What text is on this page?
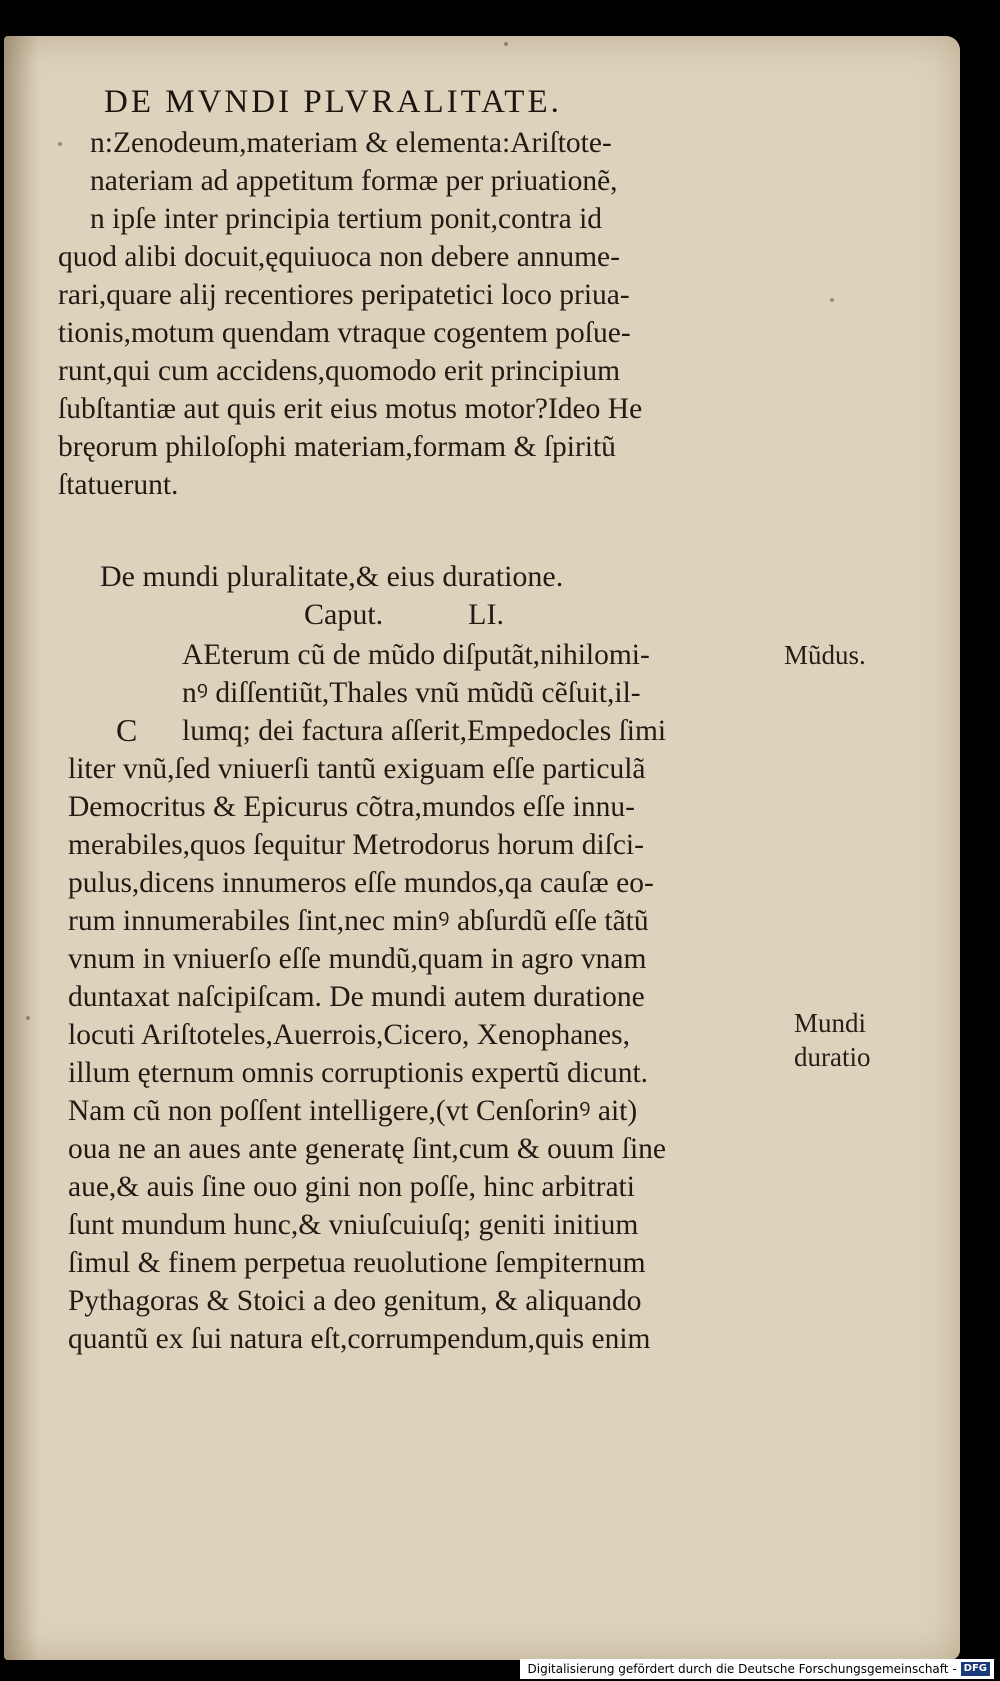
DE MVNDI PLVRALITATE.
n:Zenodeum,materiam & elementa:Ariſtote-
nateriam ad appetitum formæ per priuationẽ,
n ipſe inter principia tertium ponit,contra id
quod alibi docuit,ęquiuoca non debere annume-
rari,quare alij recentiores peripatetici loco priua-
tionis,motum quendam vtraque cogentem poſue-
runt,qui cum accidens,quomodo erit principium
ſubſtantiæ aut quis erit eius motus motor?Ideo He
bręorum philoſophi materiam,formam & ſpiritũ
ſtatuerunt.
De mundi pluralitate,& eius duratione.
Caput.	LI.
C
AEterum cũ de mũdo diſputãt,nihilomi-
nꝰ diſſentiũt,Thales vnũ mũdũ cẽſuit,il-
lumq; dei factura aſſerit,Empedocles ſimi
liter vnũ,ſed vniuerſi tantũ exiguam eſſe particulã
Democritus & Epicurus cõtra,mundos eſſe innu-
merabiles,quos ſequitur Metrodorus horum diſci-
pulus,dicens innumeros eſſe mundos,qa cauſæ eo-
rum innumerabiles ſint,nec minꝰ abſurdũ eſſe tãtũ
vnum in vniuerſo eſſe mundũ,quam in agro vnam
duntaxat naſcipiſcam. De mundi autem duratione
locuti Ariſtoteles,Auerrois,Cicero, Xenophanes,
illum ęternum omnis corruptionis expertũ dicunt.
Nam cũ non poſſent intelligere,(vt Cenſorinꝰ ait)
oua ne an aues ante generatę ſint,cum & ouum ſine
aue,& auis ſine ouo gini non poſſe, hinc arbitrati
ſunt mundum hunc,& vniuſcuiuſq; geniti initium
ſimul & finem perpetua reuolutione ſempiternum
Pythagoras & Stoici a deo genitum, & aliquando
quantũ ex ſui natura eſt,corrumpendum,quis enim
Mũdus.
Mundi
duratio
Digitalisierung gefördert durch die Deutsche Forschungsgemeinschaft - DFG
